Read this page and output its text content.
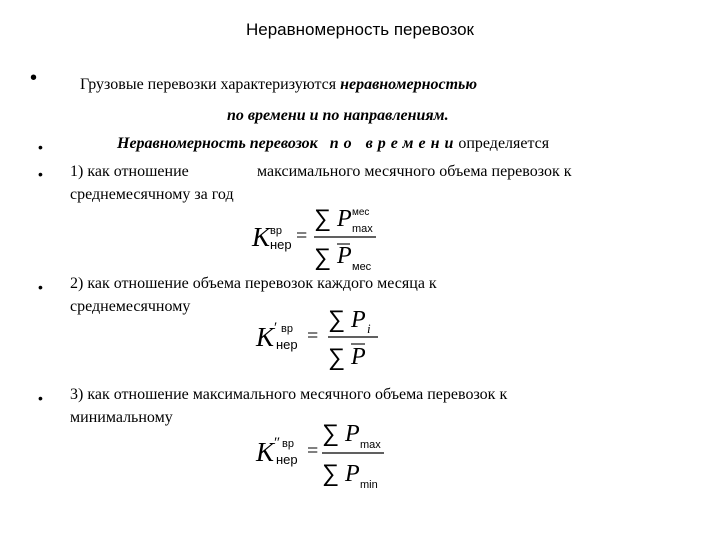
Неравномерность перевозок
•	Грузовые перевозки характеризуются неравномерностью
по времени и по направлениям.
•	Неравномерность перевозок по времениопределяется
• 1) как отношение	максимального месячного объема перевозок к
среднемесячному за год
K вр
нер =
∑ P мес
max
∑ P мес
• 2) как отношение объема перевозок каждого месяца к
среднемесячному
K ′ вр
нер =
∑ P i
∑ P
• 3) как отношение максимального месячного объема перевозок к
минимальному
K ″ вр
нер =
∑ P max
∑ P min
